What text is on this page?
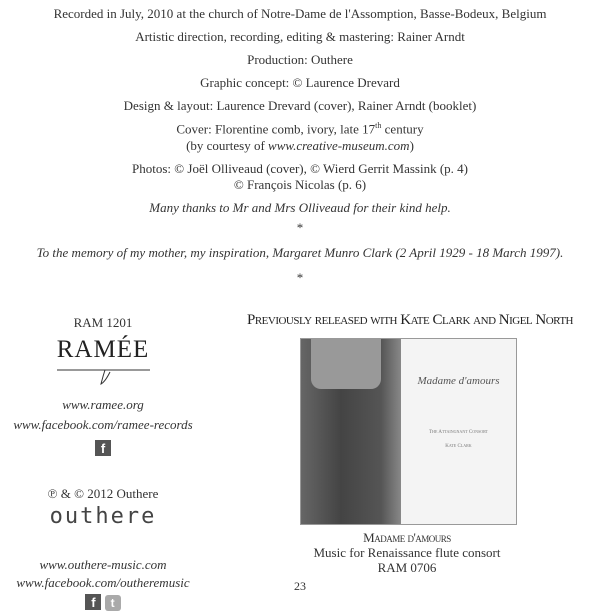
Recorded in July, 2010 at the church of Notre-Dame de l'Assomption, Basse-Bodeux, Belgium
Artistic direction, recording, editing & mastering: Rainer Arndt
Production: Outhere
Graphic concept: © Laurence Drevard
Design & layout: Laurence Drevard (cover), Rainer Arndt (booklet)
Cover: Florentine comb, ivory, late 17th century
(by courtesy of www.creative-museum.com)
Photos: © Joël Olliveaud (cover), © Wierd Gerrit Massink (p. 4)
© François Nicolas (p. 6)
Many thanks to Mr and Mrs Olliveaud for their kind help.
*
To the memory of my mother, my inspiration, Margaret Munro Clark (2 April 1929 - 18 March 1997).
*
RAM 1201
RAMÉE
www.ramee.org
www.facebook.com/ramee-records
f
℗ & © 2012 Outhere
outhere
www.outhere-music.com
www.facebook.com/outheremusic
f t
Previously released with Kate Clark and Nigel North
Madame d'amours
The Attaingnant Consort
Kate Clark
Madame d'amours
Music for Renaissance flute consort
RAM 0706
23
